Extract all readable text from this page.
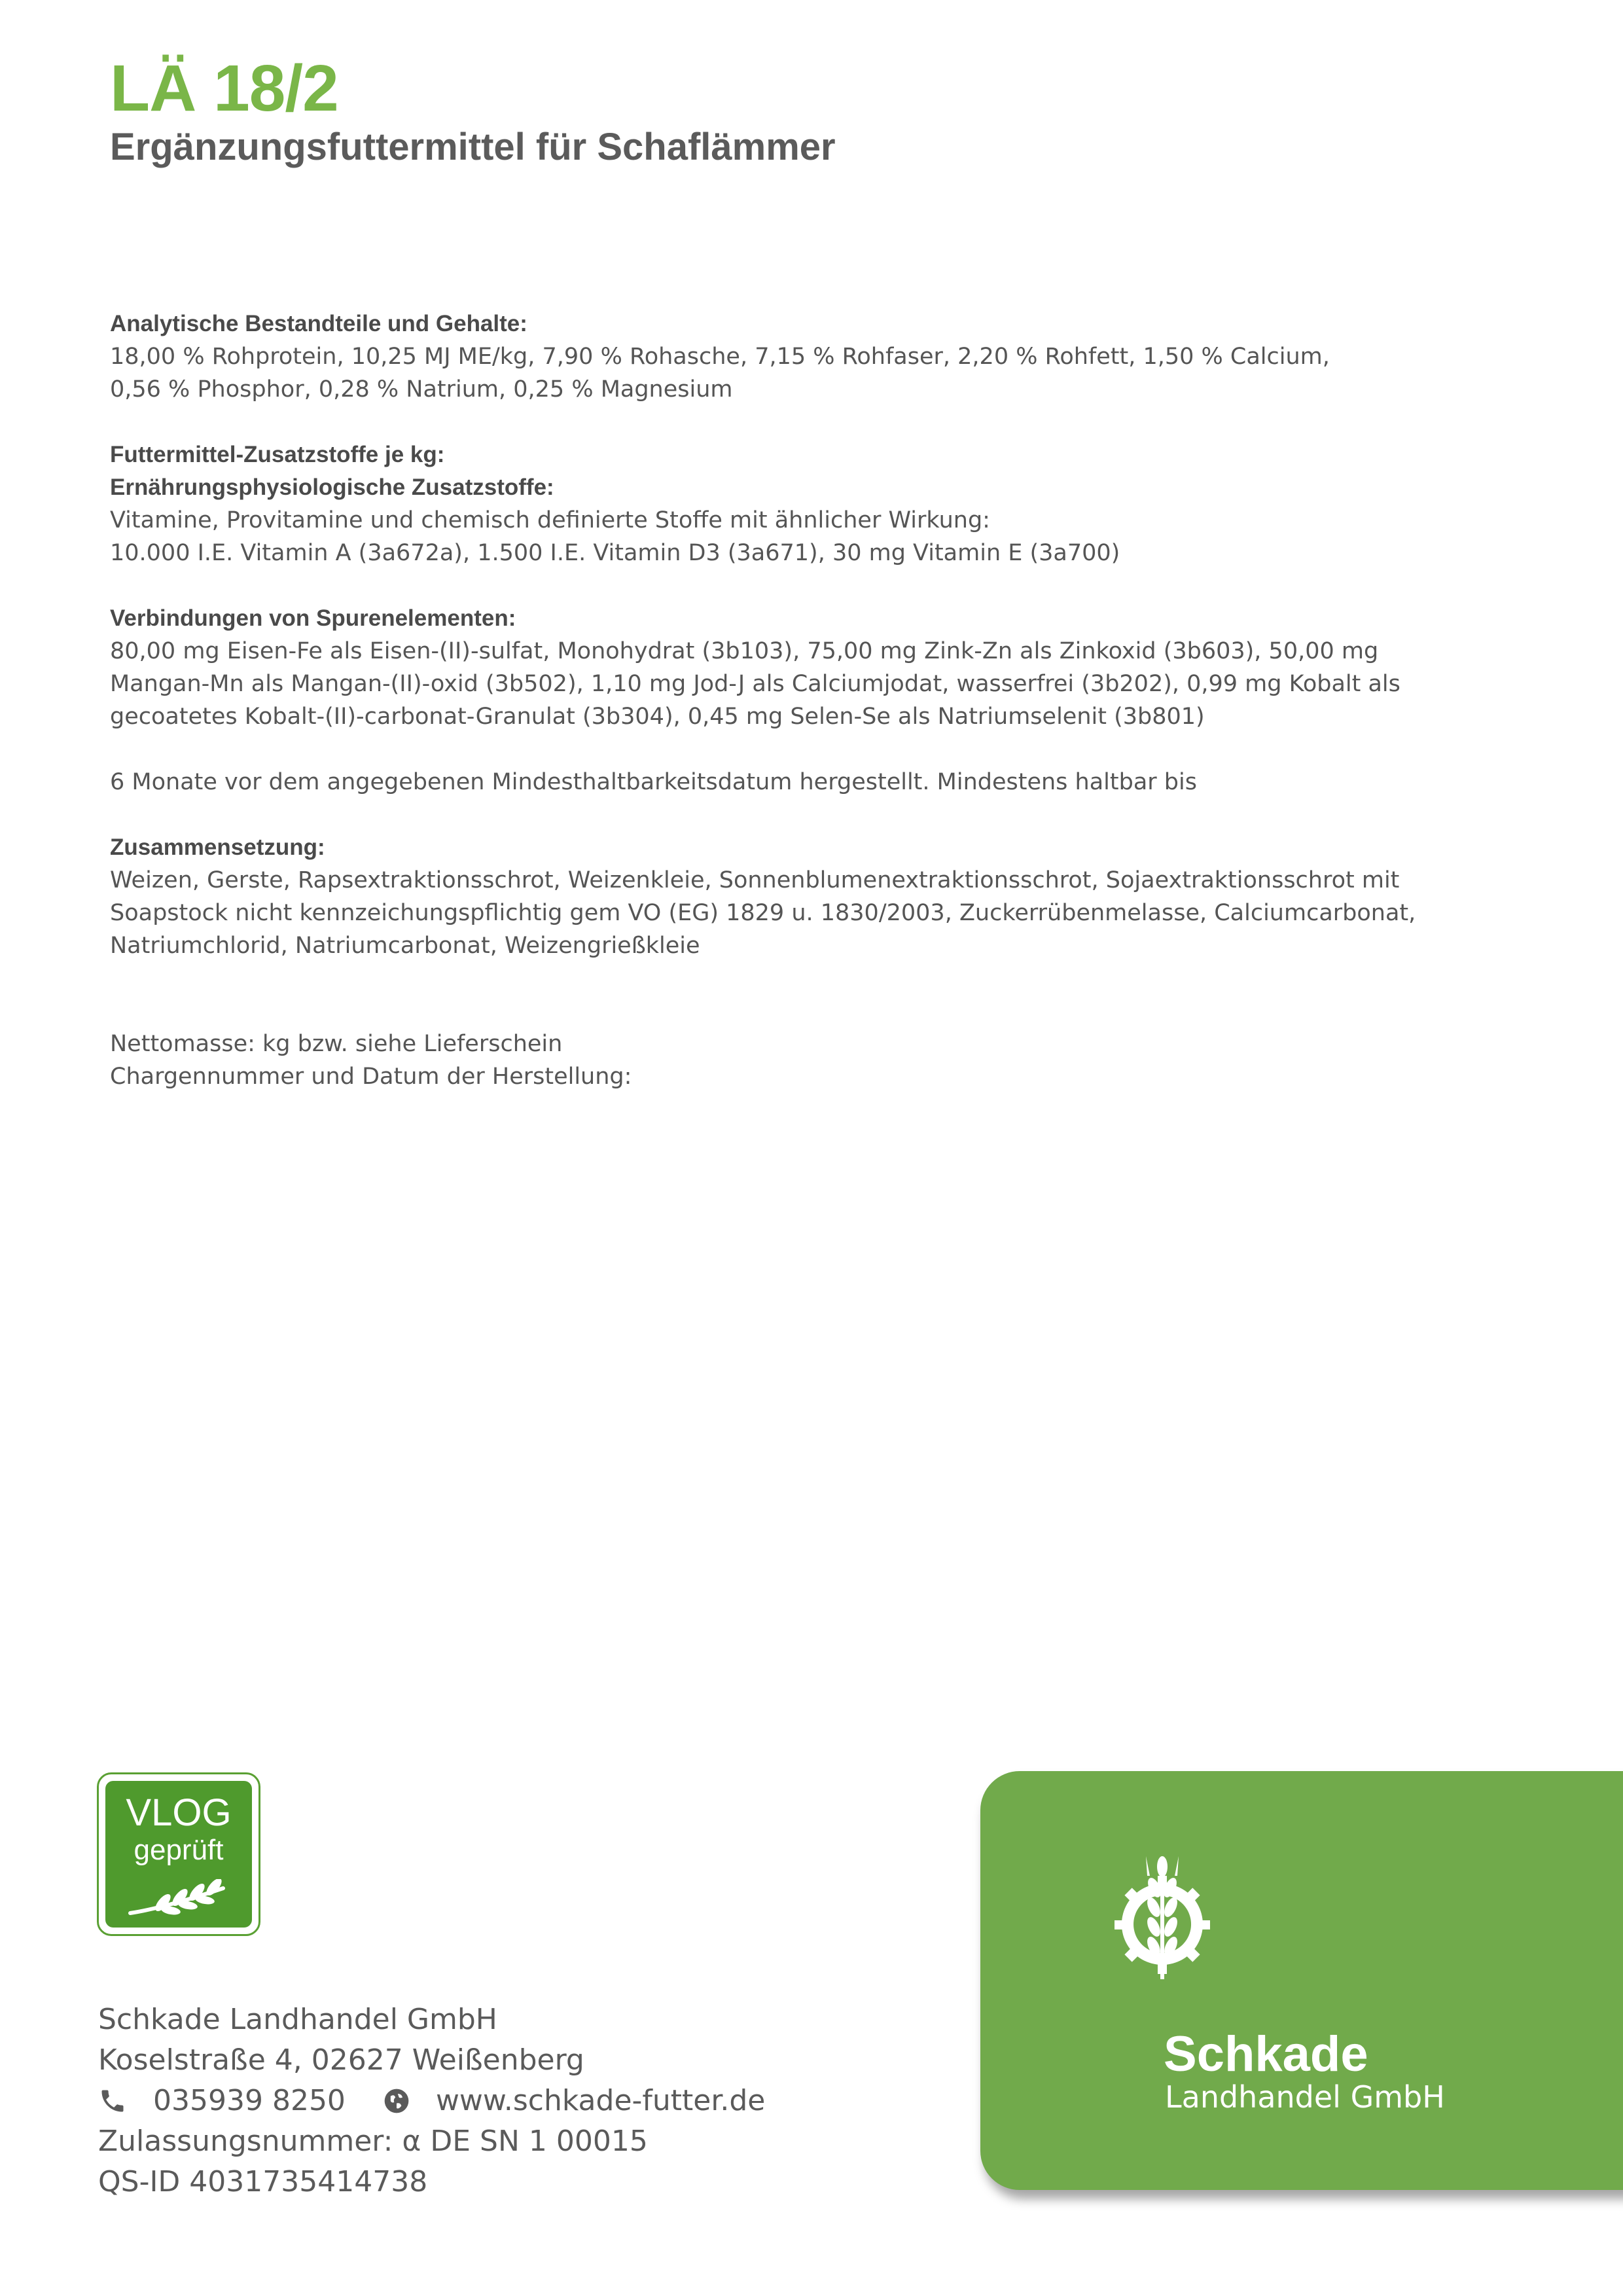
LÄ 18/2
Ergänzungsfuttermittel für Schaflämmer

Analytische Bestandteile und Gehalte:

18,00 % Rohprotein, 10,25 MJ ME/kg, 7,90 % Rohasche, 7,15 % Rohfaser, 2,20 % Rohfett, 1,50 % Calcium,

0,56 % Phosphor, 0,28 % Natrium, 0,25 % Magnesium

Futtermittel-Zusatzstoffe je kg:

Ernährungsphysiologische Zusatzstoffe:

Vitamine, Provitamine und chemisch definierte Stoffe mit ähnlicher Wirkung:

10.000 I.E. Vitamin A (3a672a), 1.500 I.E. Vitamin D3 (3a671), 30 mg Vitamin E (3a700)

Verbindungen von Spurenelementen:

80,00 mg Eisen-Fe als Eisen-(II)-sulfat, Monohydrat (3b103), 75,00 mg Zink-Zn als Zinkoxid (3b603), 50,00 mg

Mangan-Mn als Mangan-(II)-oxid (3b502), 1,10 mg Jod-J als Calciumjodat, wasserfrei (3b202), 0,99 mg Kobalt als

gecoatetes Kobalt-(II)-carbonat-Granulat (3b304), 0,45 mg Selen-Se als Natriumselenit (3b801)

6 Monate vor dem angegebenen Mindesthaltbarkeitsdatum hergestellt. Mindestens haltbar bis

Zusammensetzung:

Weizen, Gerste, Rapsextraktionsschrot, Weizenkleie, Sonnenblumenextraktionsschrot, Sojaextraktionsschrot mit

Soapstock nicht kennzeichungspflichtig gem VO (EG) 1829 u. 1830/2003, Zuckerrübenmelasse, Calciumcarbonat,

Natriumchlorid, Natriumcarbonat, Weizengrießkleie

Nettomasse: kg bzw. siehe Lieferschein

Chargennummer und Datum der Herstellung:

VLOG
geprüft
Schkade Landhandel GmbH
Koselstraße 4, 02627 Weißenberg
035939 8250	www.schkade-futter.de
Zulassungsnummer: α DE SN 1 00015
QS-ID 4031735414738
Schkade
Landhandel GmbH
